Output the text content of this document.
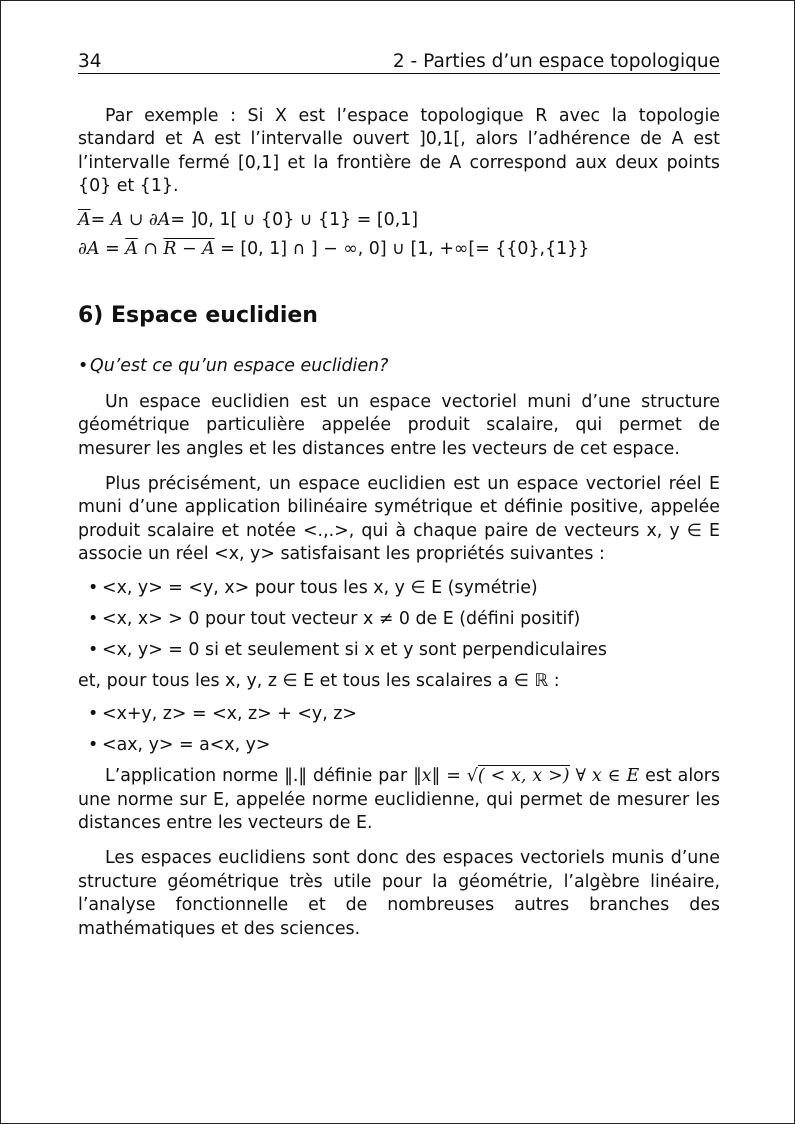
34	2 - Parties d’un espace topologique

Par exemple : Si X est l’espace topologique R avec la topologie standard et A est l’intervalle ouvert ]0,1[, alors l’adhérence de A est l’intervalle fermé [0,1] et la frontière de A correspond aux deux points {0} et {1}.

$\overline{A}= A$ ∪ ∂A= ]0, 1[ ∪ {0} ∪ {1} = [0,1]
$\partial A = \overline{A}$ ∩ R − A = [0, 1] ∩ ] − ∞, 0] ∪ [1, +∞[= {{0},{1}}
6) Espace euclidien
•Qu’est ce qu’un espace euclidien?

Un espace euclidien est un espace vectoriel muni d’une structure géométrique particulière appelée produit scalaire, qui permet de mesurer les angles et les distances entre les vecteurs de cet espace.

Plus précisément, un espace euclidien est un espace vectoriel réel E muni d’une application bilinéaire symétrique et définie positive, appelée produit scalaire et notée <.,.>, qui à chaque paire de vecteurs x, y ∈ E associe un réel <x, y> satisfaisant les propriétés suivantes :

• <x, y> = <y, x> pour tous les x, y ∈ E (symétrie)
• <x, x> > 0 pour tout vecteur x ≠ 0 de E (défini positif)
• <x, y> = 0 si et seulement si x et y sont perpendiculaires

et, pour tous les x, y, z ∈ E et tous les scalaires a ∈ ℝ :

• <x+y, z> = <x, z> + <y, z>
• <ax, y> = a<x, y>

L’application norme ‖.‖ définie par ‖x‖ = √( < x, x >) ∀ x ∈ E est alors une norme sur E, appelée norme euclidienne, qui permet de mesurer les distances entre les vecteurs de E.

Les espaces euclidiens sont donc des espaces vectoriels munis d’une structure géométrique très utile pour la géométrie, l’algèbre linéaire, l’analyse fonctionnelle et de nombreuses autres branches des mathématiques et des sciences.
